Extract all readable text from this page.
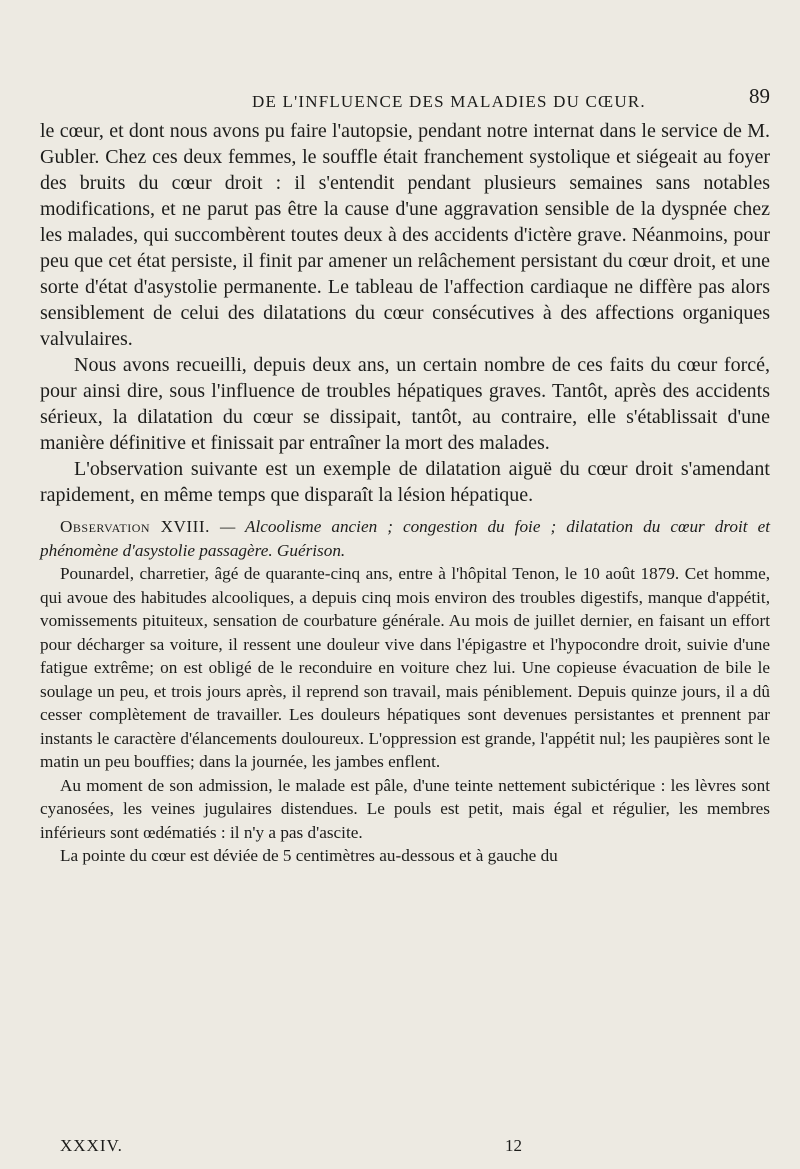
DE L'INFLUENCE DES MALADIES DU CŒUR.	89

le cœur, et dont nous avons pu faire l'autopsie, pendant notre internat dans le service de M. Gubler. Chez ces deux femmes, le souffle était franchement systolique et siégeait au foyer des bruits du cœur droit : il s'entendit pendant plusieurs semaines sans notables modifications, et ne parut pas être la cause d'une aggravation sensible de la dyspnée chez les malades, qui succombèrent toutes deux à des accidents d'ictère grave. Néanmoins, pour peu que cet état persiste, il finit par amener un relâchement persistant du cœur droit, et une sorte d'état d'asystolie permanente. Le tableau de l'affection cardiaque ne diffère pas alors sensiblement de celui des dilatations du cœur consécutives à des affections organiques valvulaires.

Nous avons recueilli, depuis deux ans, un certain nombre de ces faits du cœur forcé, pour ainsi dire, sous l'influence de troubles hépatiques graves. Tantôt, après des accidents sérieux, la dilatation du cœur se dissipait, tantôt, au contraire, elle s'établissait d'une manière définitive et finissait par entraîner la mort des malades.

L'observation suivante est un exemple de dilatation aiguë du cœur droit s'amendant rapidement, en même temps que disparaît la lésion hépatique.

Observation XVIII. — Alcoolisme ancien ; congestion du foie ; dilatation du cœur droit et phénomène d'asystolie passagère. Guérison.

Pounardel, charretier, âgé de quarante-cinq ans, entre à l'hôpital Tenon, le 10 août 1879. Cet homme, qui avoue des habitudes alcooliques, a depuis cinq mois environ des troubles digestifs, manque d'appétit, vomissements pituiteux, sensation de courbature générale. Au mois de juillet dernier, en faisant un effort pour décharger sa voiture, il ressent une douleur vive dans l'épigastre et l'hypocondre droit, suivie d'une fatigue extrême; on est obligé de le reconduire en voiture chez lui. Une copieuse évacuation de bile le soulage un peu, et trois jours après, il reprend son travail, mais péniblement. Depuis quinze jours, il a dû cesser complètement de travailler. Les douleurs hépatiques sont devenues persistantes et prennent par instants le caractère d'élancements douloureux. L'oppression est grande, l'appétit nul; les paupières sont le matin un peu bouffies; dans la journée, les jambes enflent.

Au moment de son admission, le malade est pâle, d'une teinte nettement subictérique : les lèvres sont cyanosées, les veines jugulaires distendues. Le pouls est petit, mais égal et régulier, les membres inférieurs sont œdématiés : il n'y a pas d'ascite.

La pointe du cœur est déviée de 5 centimètres au-dessous et à gauche du

XXXIV.	12
